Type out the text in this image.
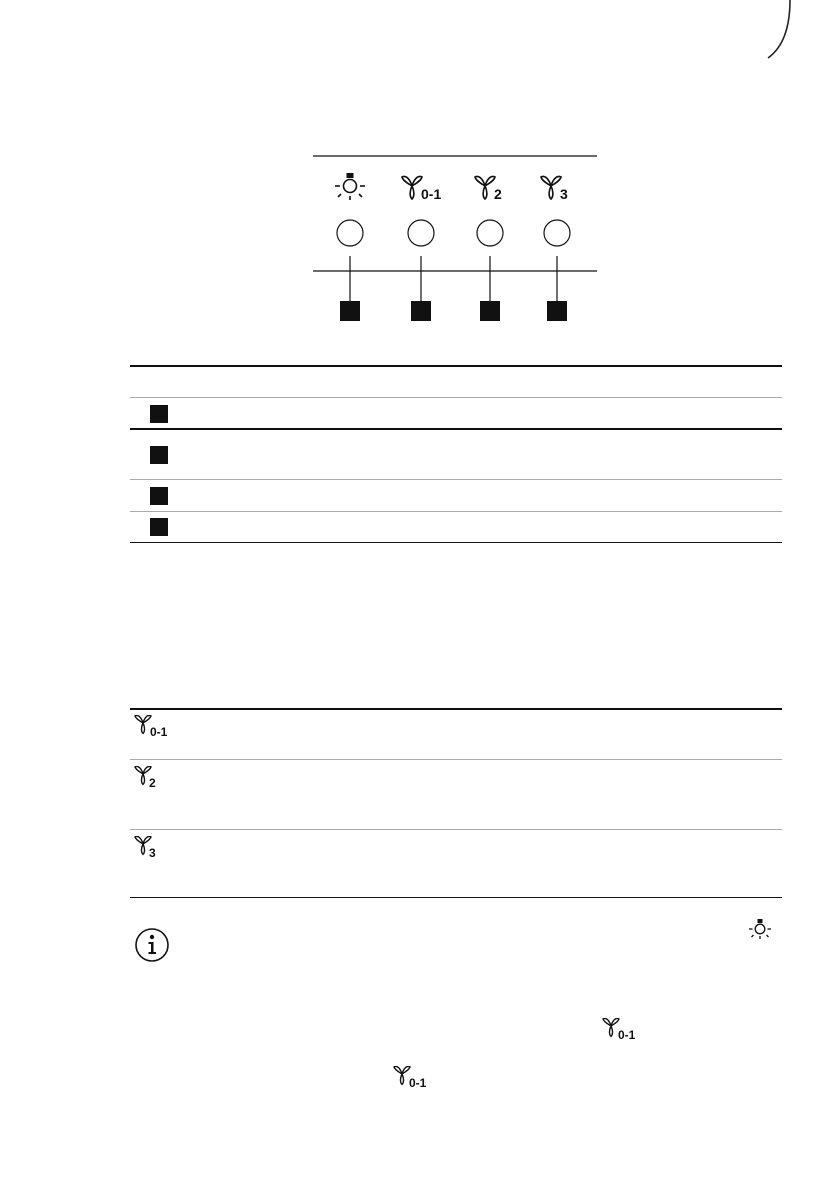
0-1	2	3
0-1
2
3
0-1
0-1
